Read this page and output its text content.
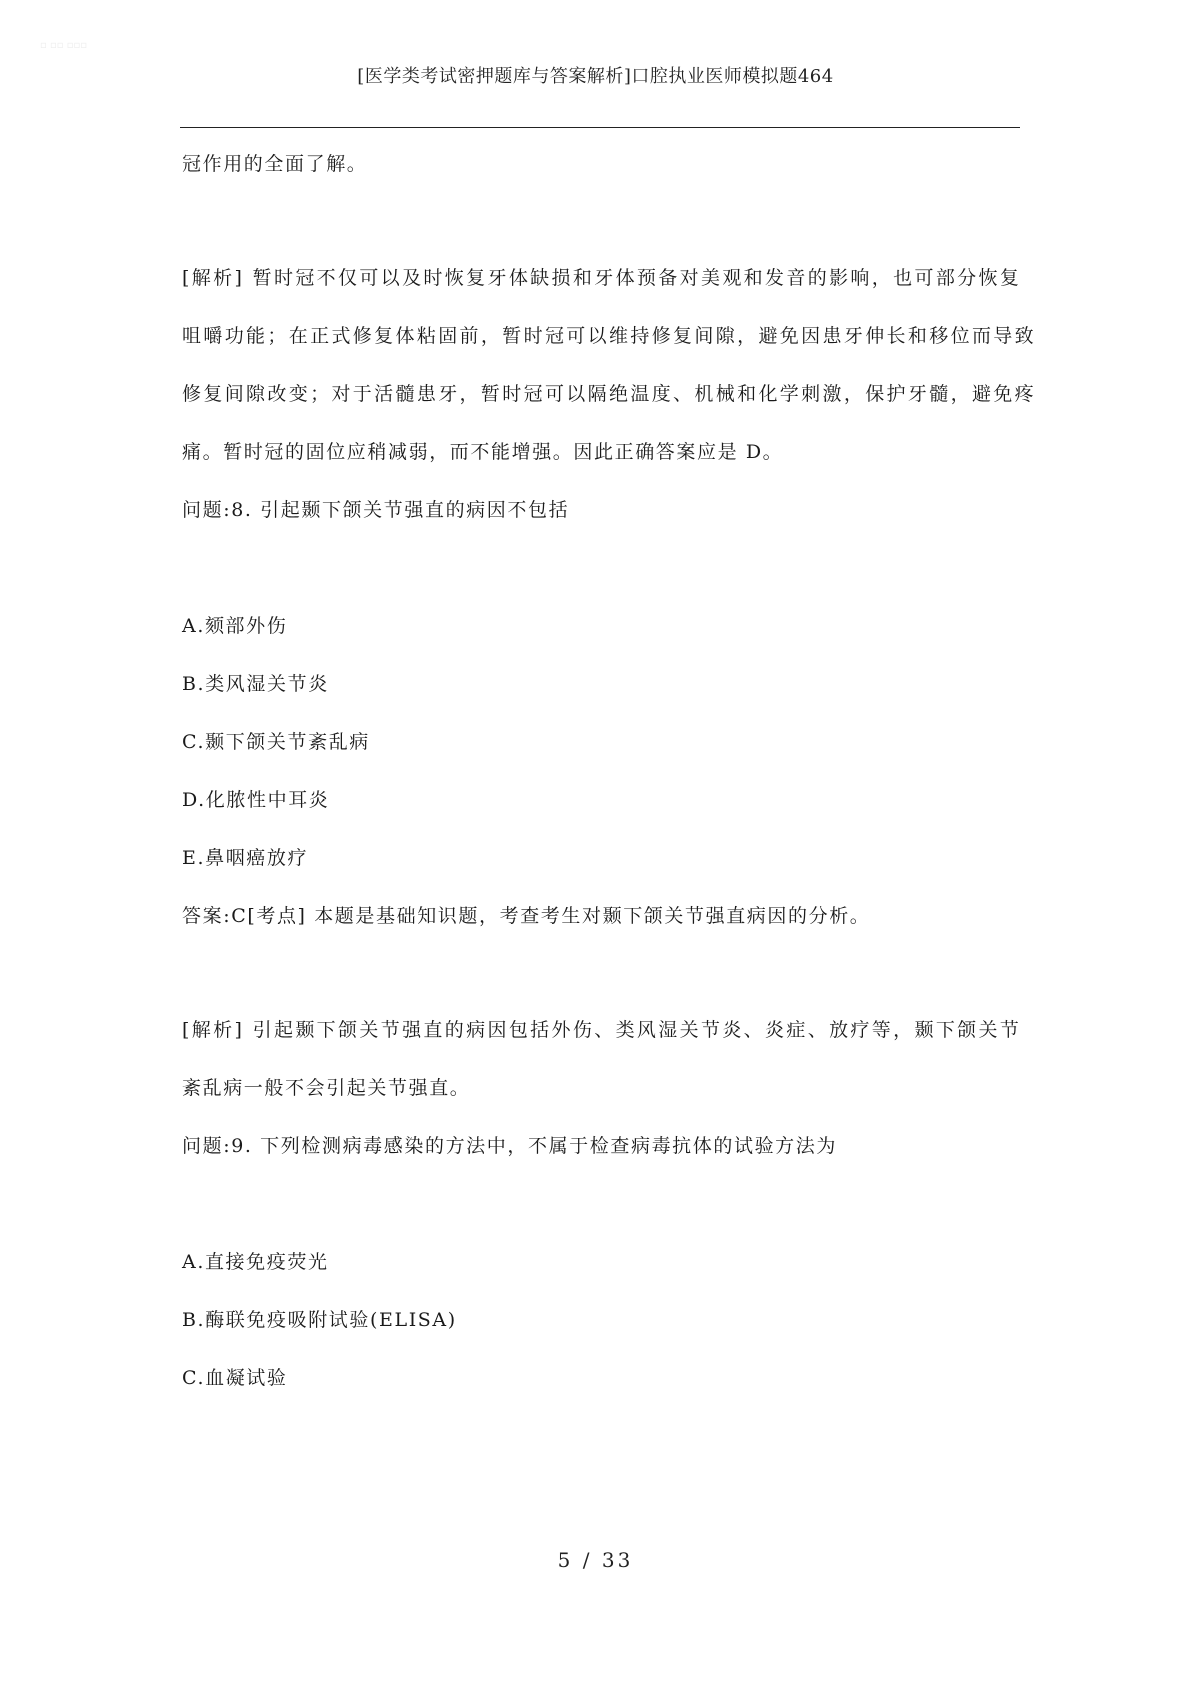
▫ ▫▫ ▫▫▫
[医学类考试密押题库与答案解析]口腔执业医师模拟题464
冠作用的全面了解。
[解析] 暂时冠不仅可以及时恢复牙体缺损和牙体预备对美观和发音的影响，也可部分恢复
咀嚼功能；在正式修复体粘固前，暂时冠可以维持修复间隙，避免因患牙伸长和移位而导致
修复间隙改变；对于活髓患牙，暂时冠可以隔绝温度、机械和化学刺激，保护牙髓，避免疼
痛。暂时冠的固位应稍减弱，而不能增强。因此正确答案应是 D。
问题:8. 引起颞下颌关节强直的病因不包括
A.颏部外伤
B.类风湿关节炎
C.颞下颌关节紊乱病
D.化脓性中耳炎
E.鼻咽癌放疗
答案:C[考点] 本题是基础知识题，考查考生对颞下颌关节强直病因的分析。
[解析] 引起颞下颌关节强直的病因包括外伤、类风湿关节炎、炎症、放疗等，颞下颌关节
紊乱病一般不会引起关节强直。
问题:9. 下列检测病毒感染的方法中，不属于检查病毒抗体的试验方法为
A.直接免疫荧光
B.酶联免疫吸附试验(ELISA)
C.血凝试验
5 / 33
